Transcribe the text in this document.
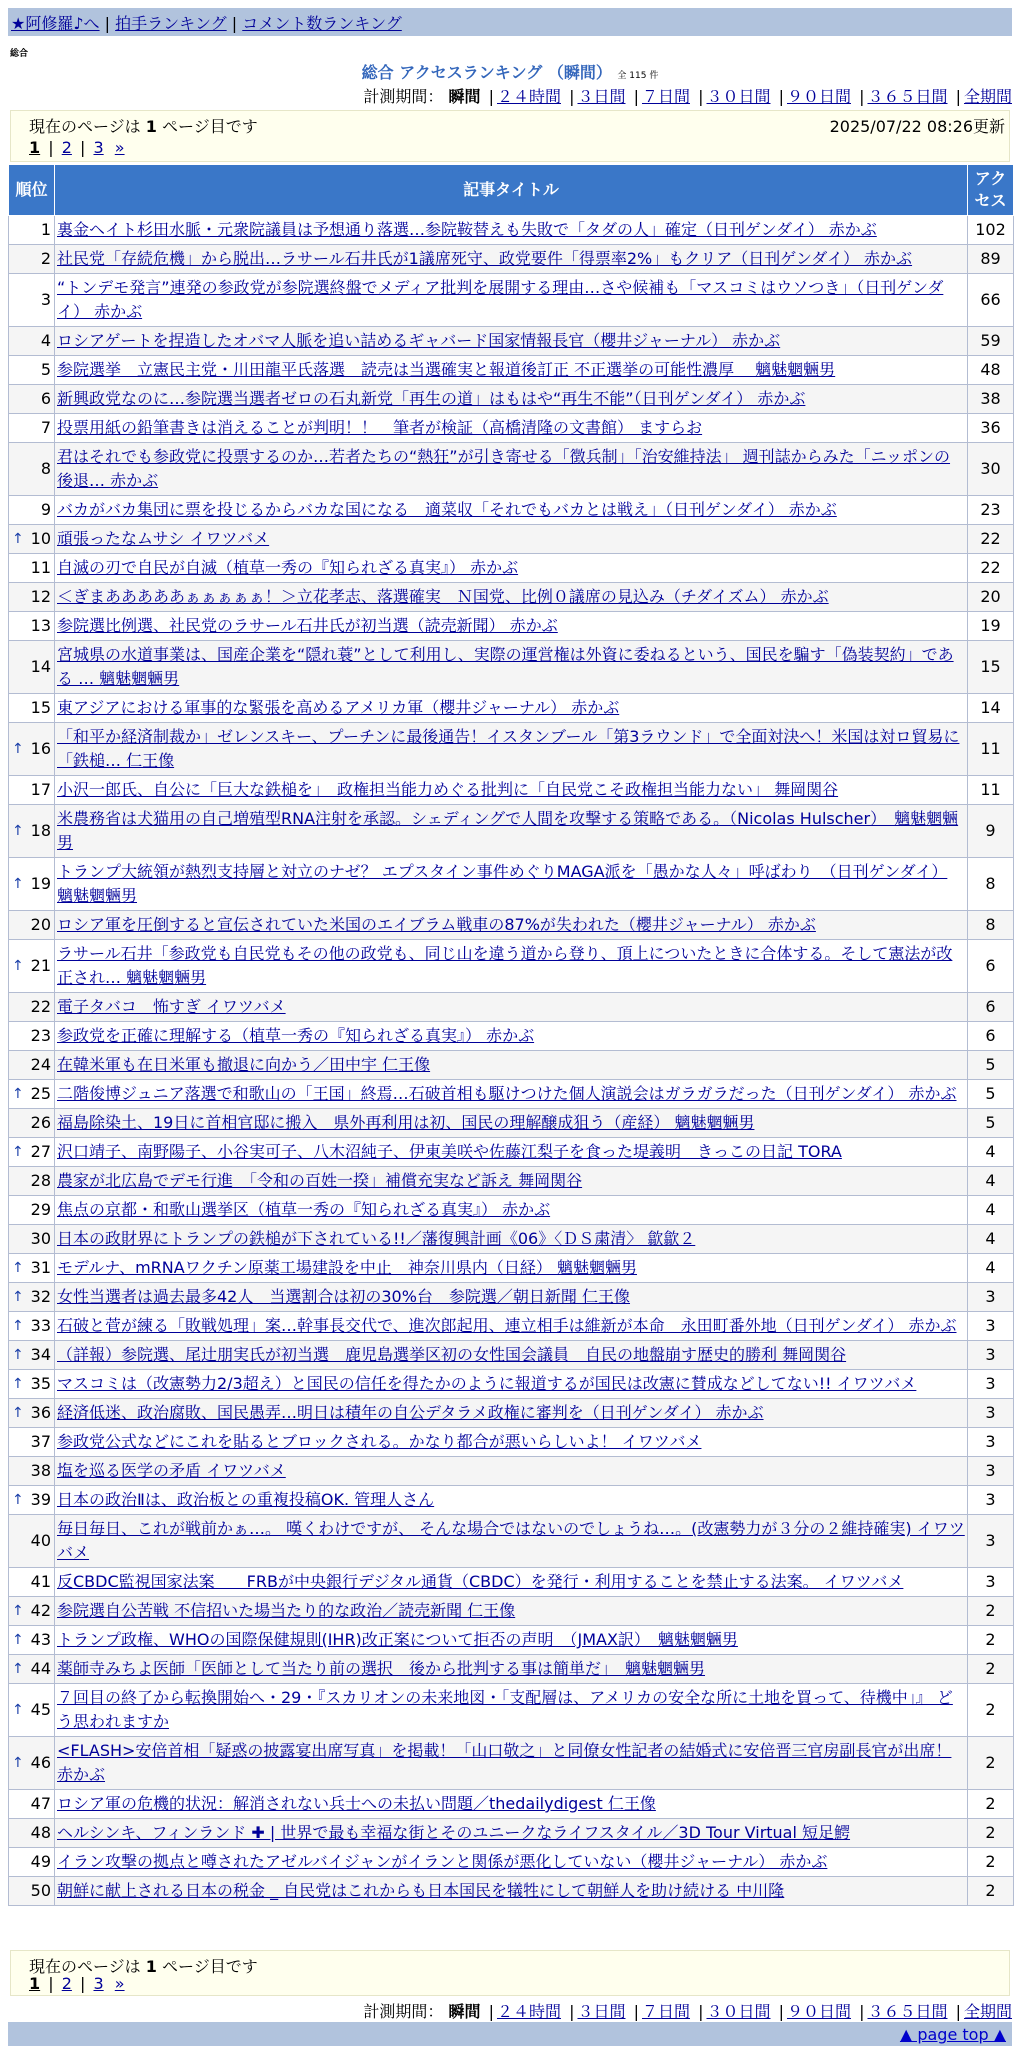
★阿修羅♪へ | 拍手ランキング | コメント数ランキング
総合
総合 アクセスランキング （瞬間） 全 115 件
計測期間： 瞬間 | ２４時間 | ３日間 | ７日間 | ３０日間 | ９０日間 | ３６５日間 | 全期間
現在のページは 1 ページ目です	2025/07/22 08:26更新
1 | 2 | 3 »
順位	記事タイトル	アクセス
1	裏金ヘイト杉田水脈・元衆院議員は予想通り落選…参院鞍替えも失敗で「タダの人」確定（日刊ゲンダイ） 赤かぶ	102
2	社民党「存続危機」から脱出…ラサール石井氏が1議席死守、政党要件「得票率2%」もクリア（日刊ゲンダイ） 赤かぶ	89
3	“トンデモ発言”連発の参政党が参院選終盤でメディア批判を展開する理由…さや候補も「マスコミはウソつき」（日刊ゲンダイ） 赤かぶ	66
4	ロシアゲートを捏造したオバマ人脈を追い詰めるギャバード国家情報長官（櫻井ジャーナル） 赤かぶ	59
5	参院選挙　立憲民主党・川田龍平氏落選　読売は当選確実と報道後訂正 不正選挙の可能性濃厚　 魑魅魍魎男	48
6	新興政党なのに…参院選当選者ゼロの石丸新党「再生の道」はもはや“再生不能”（日刊ゲンダイ） 赤かぶ	38
7	投票用紙の鉛筆書きは消えることが判明！！　筆者が検証（高橋清隆の文書館） ますらお	36
8	君はそれでも参政党に投票するのか…若者たちの“熱狂”が引き寄せる「徴兵制」「治安維持法」 週刊誌からみた「ニッポンの後退… 赤かぶ	30
9	バカがバカ集団に票を投じるからバカな国になる　適菜収「それでもバカとは戦え」（日刊ゲンダイ） 赤かぶ	23

↑ 10	頑張ったなムサシ イワツバメ	22
11	自滅の刃で自民が自滅（植草一秀の『知られざる真実』） 赤かぶ	22
12	＜ぎまあああああぁぁぁぁぁ！＞立花孝志、落選確実　Ｎ国党、比例０議席の見込み（チダイズム） 赤かぶ	20
13	参院選比例選、社民党のラサール石井氏が初当選（読売新聞） 赤かぶ	19
14	宮城県の水道事業は、国産企業を“隠れ蓑”として利用し、実際の運営権は外資に委ねるという、国民を騙す「偽装契約」である … 魑魅魍魎男	15
15	東アジアにおける軍事的な緊張を高めるアメリカ軍（櫻井ジャーナル） 赤かぶ	14

↑ 16	「和平か経済制裁か」ゼレンスキー、プーチンに最後通告！イスタンブール「第3ラウンド」で全面対決へ！米国は対ロ貿易に「鉄槌… 仁王像	11
17	小沢一郎氏、自公に「巨大な鉄槌を」　政権担当能力めぐる批判に「自民党こそ政権担当能力ない」 舞岡関谷	11

↑ 18	米農務省は犬猫用の自己増殖型RNA注射を承認。シェディングで人間を攻撃する策略である。（Nicolas Hulscher）　魑魅魍魎男	9

↑ 19	トランプ大統領が熱烈支持層と対立のナゼ？ エプスタイン事件めぐりMAGA派を「愚かな人々」呼ばわり　（日刊ゲンダイ） 魑魅魍魎男	8
20	ロシア軍を圧倒すると宣伝されていた米国のエイブラム戦車の87%が失われた（櫻井ジャーナル） 赤かぶ	8

↑ 21	ラサール石井「参政党も自民党もその他の政党も、同じ山を違う道から登り、頂上についたときに合体する。そして憲法が改正され… 魑魅魍魎男	6
22	電子タバコ　怖すぎ イワツバメ	6
23	参政党を正確に理解する（植草一秀の『知られざる真実』） 赤かぶ	6
24	在韓米軍も在日米軍も撤退に向かう／田中宇 仁王像	5

↑ 25	二階俊博ジュニア落選で和歌山の「王国」終焉…石破首相も駆けつけた個人演説会はガラガラだった（日刊ゲンダイ） 赤かぶ	5
26	福島除染土、19日に首相官邸に搬入　県外再利用は初、国民の理解醸成狙う（産経） 魑魅魍魎男	5

↑ 27	沢口靖子、南野陽子、小谷実可子、八木沼純子、伊東美咲や佐藤江梨子を食った堤義明　きっこの日記 TORA	4
28	農家が北広島でデモ行進　「令和の百姓一揆」補償充実など訴え 舞岡関谷	4
29	焦点の京都・和歌山選挙区（植草一秀の『知られざる真実』） 赤かぶ	4
30	日本の政財界にトランプの鉄槌が下されている!!／藩復興計画《06》〈ＤＳ粛清〉 歙歙２	4

↑ 31	モデルナ、mRNAワクチン原薬工場建設を中止　神奈川県内（日経） 魑魅魍魎男	4

↑ 32	女性当選者は過去最多42人　当選割合は初の30%台　参院選／朝日新聞 仁王像	3

↑ 33	石破と菅が練る「敗戦処理」案…幹事長交代で、進次郎起用、連立相手は維新が本命　永田町番外地（日刊ゲンダイ） 赤かぶ	3

↑ 34	（詳報）参院選、尾辻朋実氏が初当選　鹿児島選挙区初の女性国会議員　自民の地盤崩す歴史的勝利 舞岡関谷	3

↑ 35	マスコミは（改憲勢力2/3超え）と国民の信任を得たかのように報道するが国民は改憲に賛成などしてない!! イワツバメ	3

↑ 36	経済低迷、政治腐敗、国民愚弄…明日は積年の自公デタラメ政権に審判を（日刊ゲンダイ） 赤かぶ	3
37	参政党公式などにこれを貼るとブロックされる。かなり都合が悪いらしいよ！ イワツバメ	3
38	塩を巡る医学の矛盾 イワツバメ	3

↑ 39	日本の政治Ⅱは、政治板との重複投稿OK. 管理人さん	3
40	毎日毎日、これが戦前かぁ…。 嘆くわけですが、 そんな場合ではないのでしょうね…。(改憲勢力が３分の２維持確実) イワツバメ	3
41	反CBDC監視国家法案　　FRBが中央銀行デジタル通貨（CBDC）を発行・利用することを禁止する法案。 イワツバメ	3

↑ 42	参院選自公苦戦 不信招いた場当たり的な政治／読売新聞 仁王像	2

↑ 43	トランプ政権、WHOの国際保健規則(IHR)改正案について拒否の声明　（JMAX訳）　魑魅魍魎男	2

↑ 44	薬師寺みちよ医師「医師として当たり前の選択　後から批判する事は簡単だ」　魑魅魍魎男	2

↑ 45	７回目の終了から転換開始へ・29・『スカリオンの未来地図・「支配層は、アメリカの安全な所に土地を買って、待機中」』 どう思われますか	2

↑ 46	<FLASH>安倍首相「疑惑の披露宴出席写真」を掲載！「山口敬之」と同僚女性記者の結婚式に安倍晋三官房副長官が出席！ 赤かぶ	2
47	ロシア軍の危機的状況：解消されない兵士への未払い問題／thedailydigest 仁王像	2
48	ヘルシンキ、フィンランド ✚ | 世界で最も幸福な街とそのユニークなライフスタイル／3D Tour Virtual 短足鰐	2
49	イラン攻撃の拠点と噂されたアゼルバイジャンがイランと関係が悪化していない（櫻井ジャーナル） 赤かぶ	2
50	朝鮮に献上される日本の税金 _ 自民党はこれからも日本国民を犠牲にして朝鮮人を助け続ける 中川隆	2
現在のページは 1 ページ目です
1 | 2 | 3 »
計測期間： 瞬間 | ２４時間 | ３日間 | ７日間 | ３０日間 | ９０日間 | ３６５日間 | 全期間
▲ page top ▲
